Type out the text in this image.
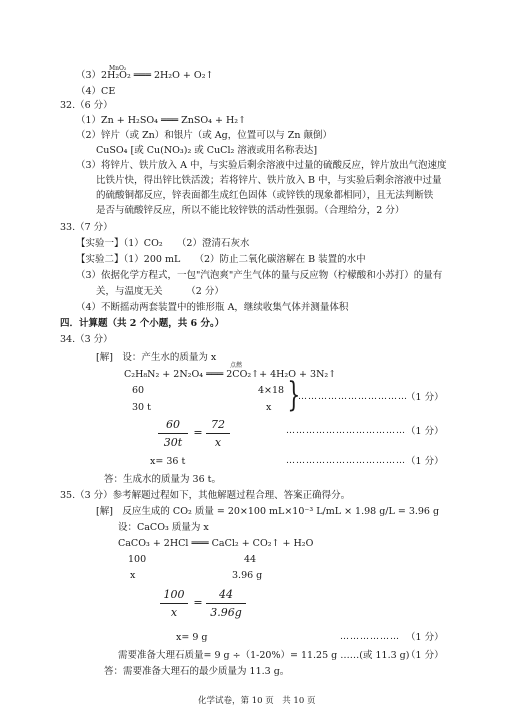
MnO₂
（3）2H₂O₂ ═══ 2H₂O + O₂↑
（4）CE
32.（6 分）
（1）Zn + H₂SO₄ ═══ ZnSO₄ + H₂↑
（2）锌片（或 Zn）和银片（或 Ag，位置可以与 Zn 颠倒）
CuSO₄ [或 Cu(NO₃)₂ 或 CuCl₂ 溶液或用名称表达]
（3）将锌片、铁片放入 A 中，与实验后剩余溶液中过量的硫酸反应，锌片放出气泡速度
比铁片快，得出锌比铁活泼；若将锌片、铁片放入 B 中，与实验后剩余溶液中过量
的硫酸铜都反应，锌表面都生成红色固体（或锌铁的现象都相同），且无法判断铁
是否与硫酸锌反应，所以不能比较锌铁的活动性强弱。（合理给分，2 分）
33.（7 分）
【实验一】（1）CO₂　　（2）澄清石灰水
【实验二】（1）200 mL　　（2）防止二氧化碳溶解在 B 装置的水中
（3）依据化学方程式，一包"汽泡爽"产生气体的量与反应物（柠檬酸和小苏打）的量有
关，与温度无关　　　（2 分）
（4）不断摇动两套装置中的锥形瓶 A，继续收集气体并测量体积
四．计算题（共 2 个小题，共 6 分。）
34.（3 分）
[解]　设：产生水的质量为 x
点燃
C₂H₈N₂ + 2N₂O₄ ═══ 2CO₂↑+ 4H₂O + 3N₂↑
60	4×18
30 t	x }
……………………………
（1 分）
60
30t
=
72
x
……………………………… （1 分）
x= 36 t	……………………………… （1 分）
答：生成水的质量为 36 t。
35.（3 分）参考解题过程如下，其他解题过程合理、答案正确得分。
[解]　反应生成的 CO₂ 质量 = 20×100 mL×10⁻³ L/mL × 1.98 g/L = 3.96 g
设：CaCO₃ 质量为 x
CaCO₃ + 2HCl ═══ CaCl₂ + CO₂↑ + H₂O
100	44
x	3.96 g
100
x
=
44
3.96g
x= 9 g	……………… （1 分）
需要准备大理石质量= 9 g ÷（1-20%）= 11.25 g ……(或 11.3 g)
（1 分）
答：需要准备大理石的最少质量为 11.3 g。
化学试卷，第 10 页　共 10 页
